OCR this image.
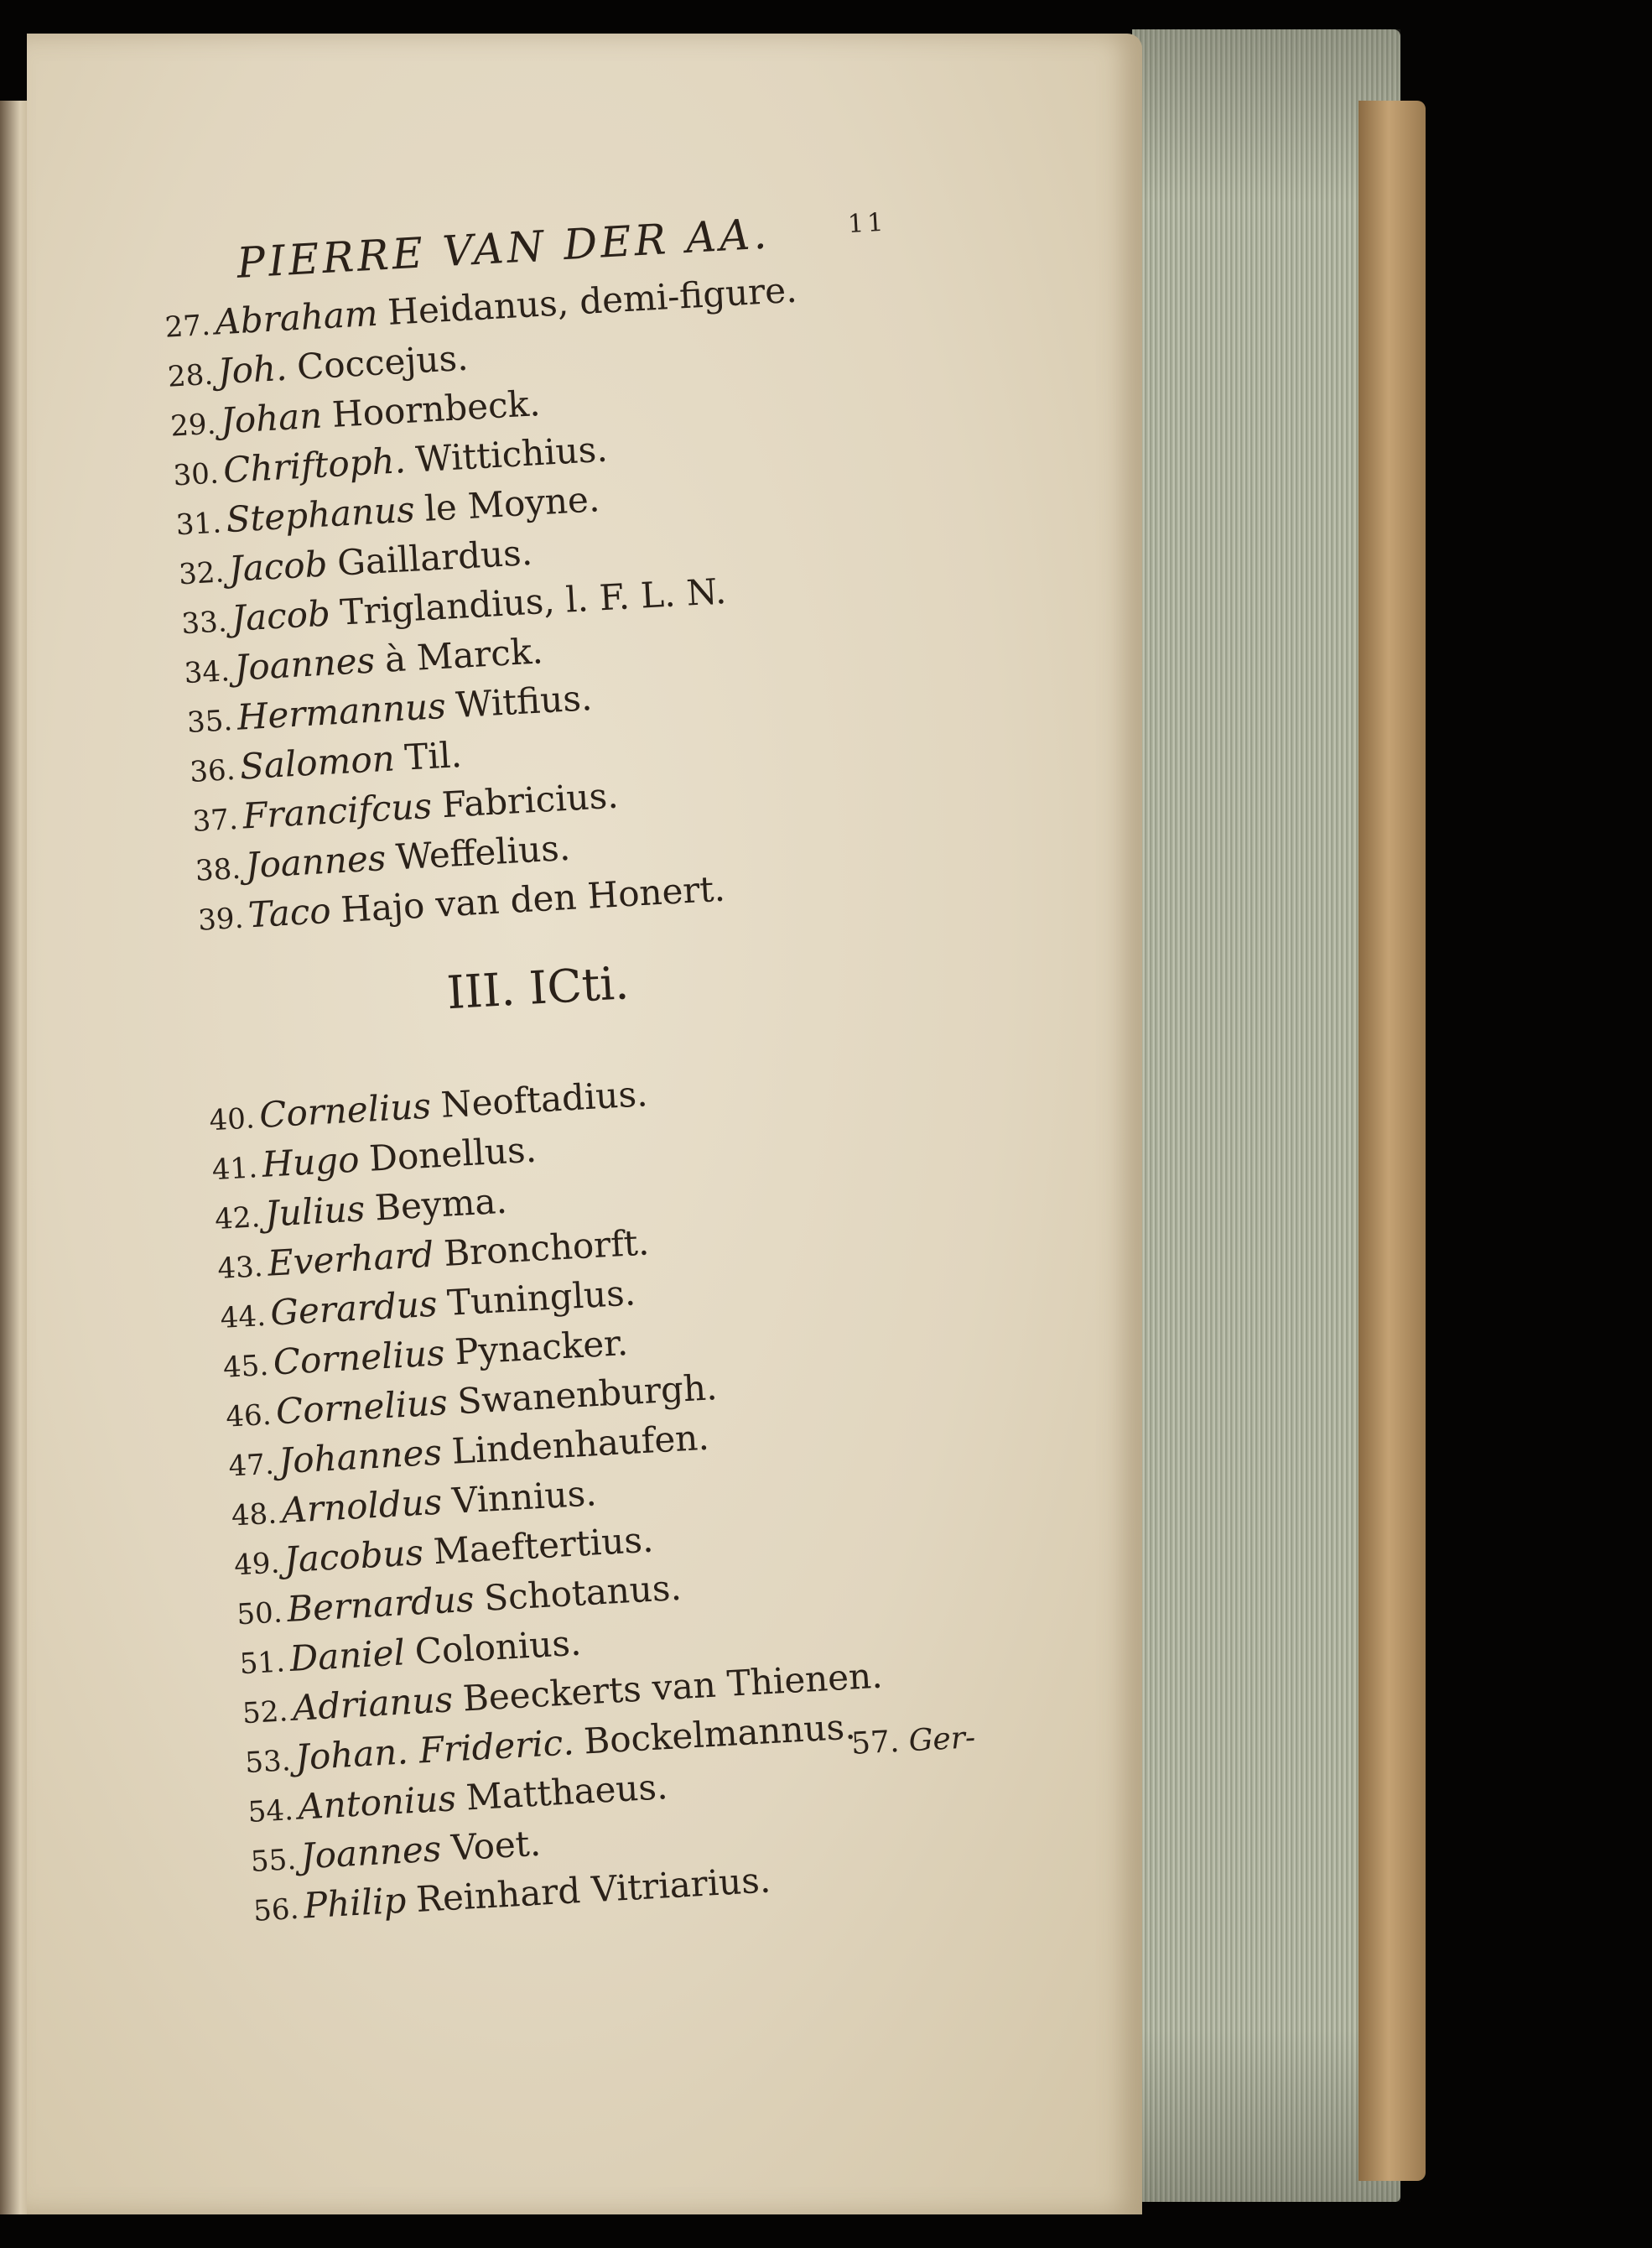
PIERRE VAN DER AA.	11
27.Abraham Heidanus, demi-figure.
28.Joh. Coccejus.
29.Johan Hoornbeck.
30.Chriftoph. Wittichius.
31.Stephanus le Moyne.
32.Jacob Gaillardus.
33.Jacob Triglandius, l. F. L. N.
34.Joannes à Marck.
35.Hermannus Witfius.
36.Salomon Til.
37.Francifcus Fabricius.
38.Joannes Weffelius.
39.Taco Hajo van den Honert.
III. ICti.
40.Cornelius Neoftadius.
41.Hugo Donellus.
42.Julius Beyma.
43.Everhard Bronchorft.
44.Gerardus Tuninglus.
45.Cornelius Pynacker.
46.Cornelius Swanenburgh.
47.Johannes Lindenhaufen.
48.Arnoldus Vinnius.
49.Jacobus Maeftertius.
50.Bernardus Schotanus.
51.Daniel Colonius.
52.Adrianus Beeckerts van Thienen.
53.Johan. Frideric. Bockelmannus.
54.Antonius Matthaeus.
55.Joannes Voet.
56.Philip Reinhard Vitriarius.
57. Ger-
